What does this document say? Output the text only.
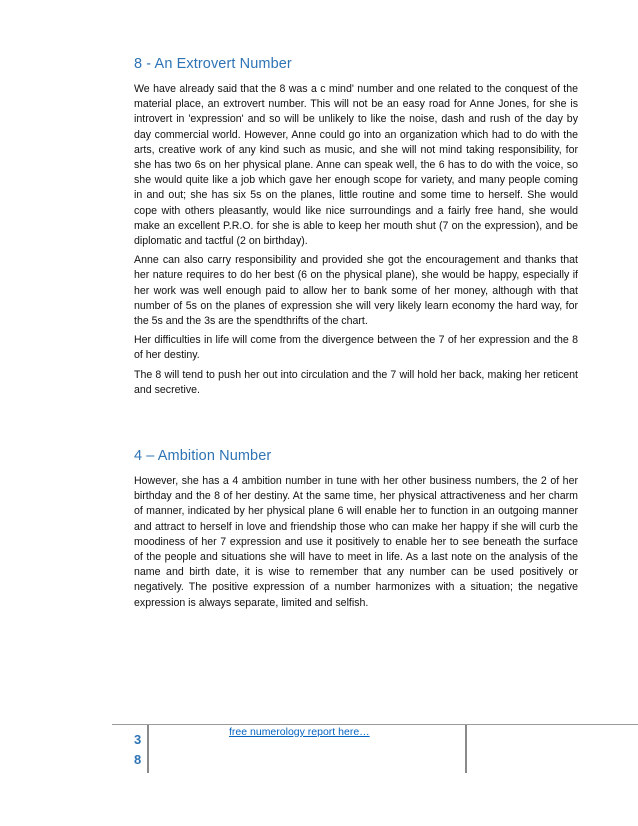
8 - An Extrovert Number

We have already said that the 8 was a c mind' number and one related to the conquest of the material place, an extrovert number. This will not be an easy road for Anne Jones, for she is introvert in 'expression' and so will be unlikely to like the noise, dash and rush of the day by day commercial world. However, Anne could go into an organization which had to do with the arts, creative work of any kind such as music, and she will not mind taking responsibility, for she has two 6s on her physical plane. Anne can speak well, the 6 has to do with the voice, so she would quite like a job which gave her enough scope for variety, and many people coming in and out; she has six 5s on the planes, little routine and some time to herself. She would cope with others pleasantly, would like nice surroundings and a fairly free hand, she would make an excellent P.R.O. for she is able to keep her mouth shut (7 on the expression), and be diplomatic and tactful (2 on birthday).

Anne can also carry responsibility and provided she got the encouragement and thanks that her nature requires to do her best (6 on the physical plane), she would be happy, especially if her work was well enough paid to allow her to bank some of her money, although with that number of 5s on the planes of expression she will very likely learn economy the hard way, for the 5s and the 3s are the spendthrifts of the chart.

Her difficulties in life will come from the divergence between the 7 of her expression and the 8 of her destiny.

The 8 will tend to push her out into circulation and the 7 will hold her back, making her reticent and secretive.

4 – Ambition Number

However, she has a 4 ambition number in tune with her other business numbers, the 2 of her birthday and the 8 of her destiny. At the same time, her physical attractiveness and her charm of manner, indicated by her physical plane 6 will enable her to function in an outgoing manner and attract to herself in love and friendship those who can make her happy if she will curb the moodiness of her 7 expression and use it positively to enable her to see beneath the surface of the people and situations she will have to meet in life. As a last note on the analysis of the name and birth date, it is wise to remember that any number can be used positively or negatively. The positive expression of a number harmonizes with a situation; the negative expression is always separate, limited and selfish.

3
8
free numerology report here…
